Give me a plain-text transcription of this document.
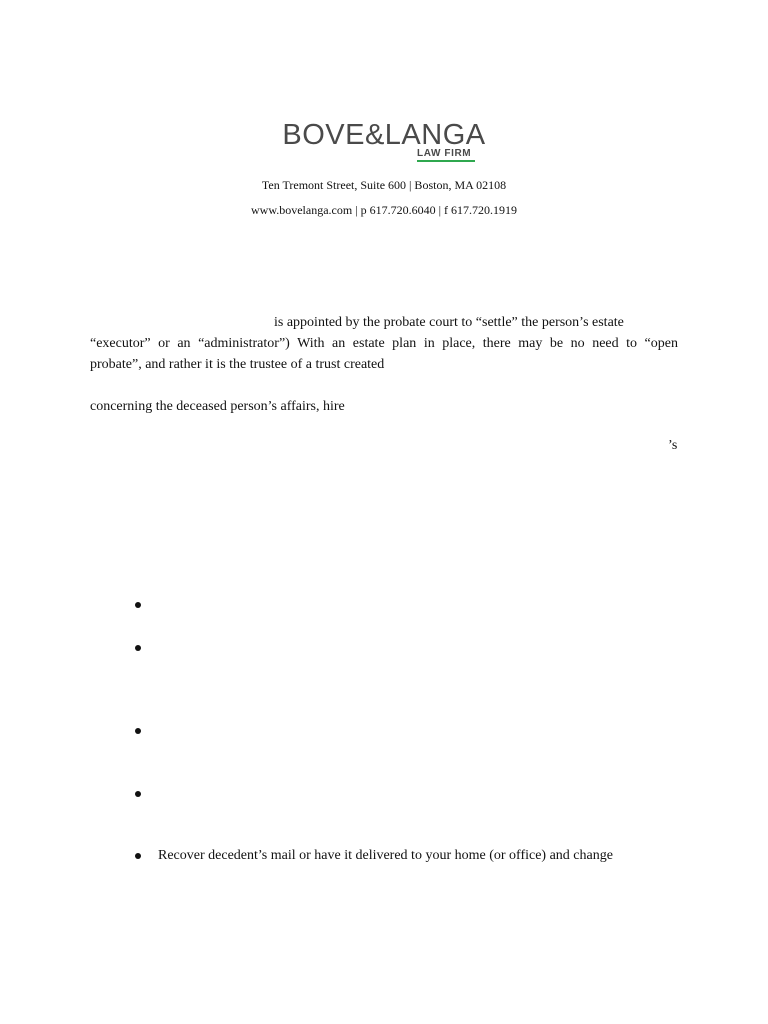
BOVE&LANGA
LAW FIRM
Ten Tremont Street, Suite 600 | Boston, MA 02108
www.bovelanga.com | p 617.720.6040 | f 617.720.1919
is appointed by the probate court to “settle” the person’s estate
“executor” or an “administrator”) With an estate plan in place, there may be no need to “open
probate”, and rather it is the trustee of a trust created
concerning the deceased person’s affairs, hire
’s
Recover decedent’s mail or have it delivered to your home (or office) and change
